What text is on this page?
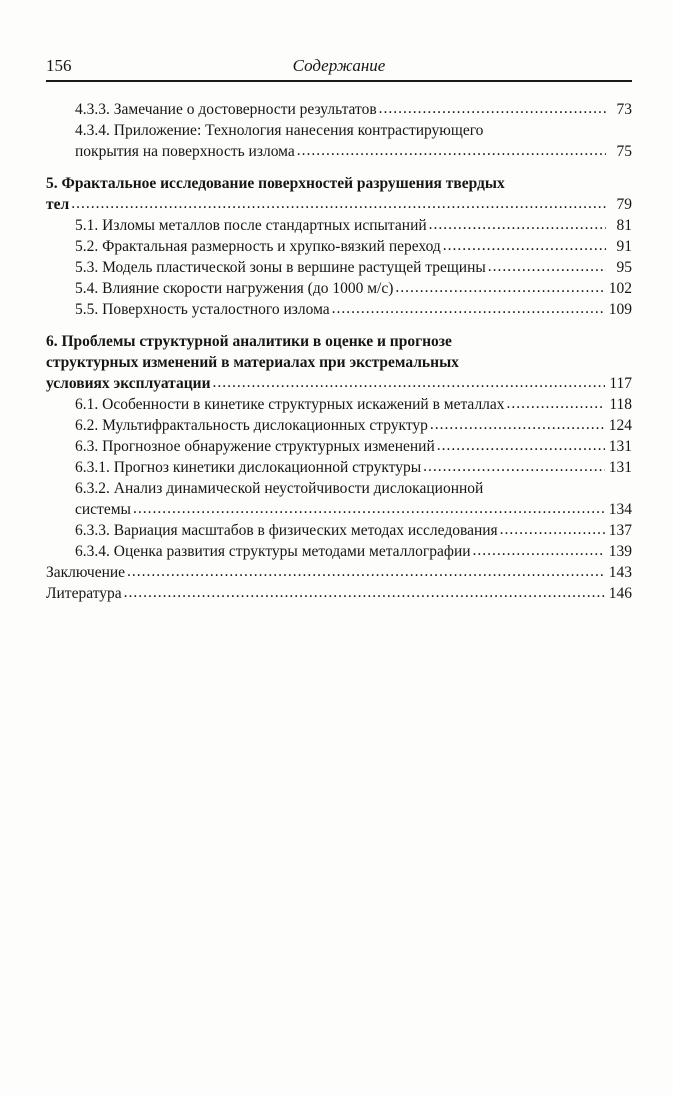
156	Содержание
4.3.3. Замечание о достоверности результатов .....	73
4.3.4. Приложение: Технология нанесения контрастирующего
покрытия на поверхность излома .....	75
5. Фрактальное исследование поверхностей разрушения твердых
тел .....	79
5.1. Изломы металлов после стандартных испытаний .....	81
5.2. Фрактальная размерность и хрупко-вязкий переход .....	91
5.3. Модель пластической зоны в вершине растущей трещины .....	95
5.4. Влияние скорости нагружения (до 1000 м/с) .....	102
5.5. Поверхность усталостного излома .....	109
6. Проблемы структурной аналитики в оценке и прогнозе
структурных изменений в материалах при экстремальных
условиях эксплуатации .....	117
6.1. Особенности в кинетике структурных искажений в металлах .....	118
6.2. Мультифрактальность дислокационных структур .....	124
6.3. Прогнозное обнаружение структурных изменений .....	131
6.3.1. Прогноз кинетики дислокационной структуры .....	131
6.3.2. Анализ динамической неустойчивости дислокационной
системы .....	134
6.3.3. Вариация масштабов в физических методах исследования .....	137
6.3.4. Оценка развития структуры методами металлографии .....	139
Заключение .....	143
Литература .....	146
